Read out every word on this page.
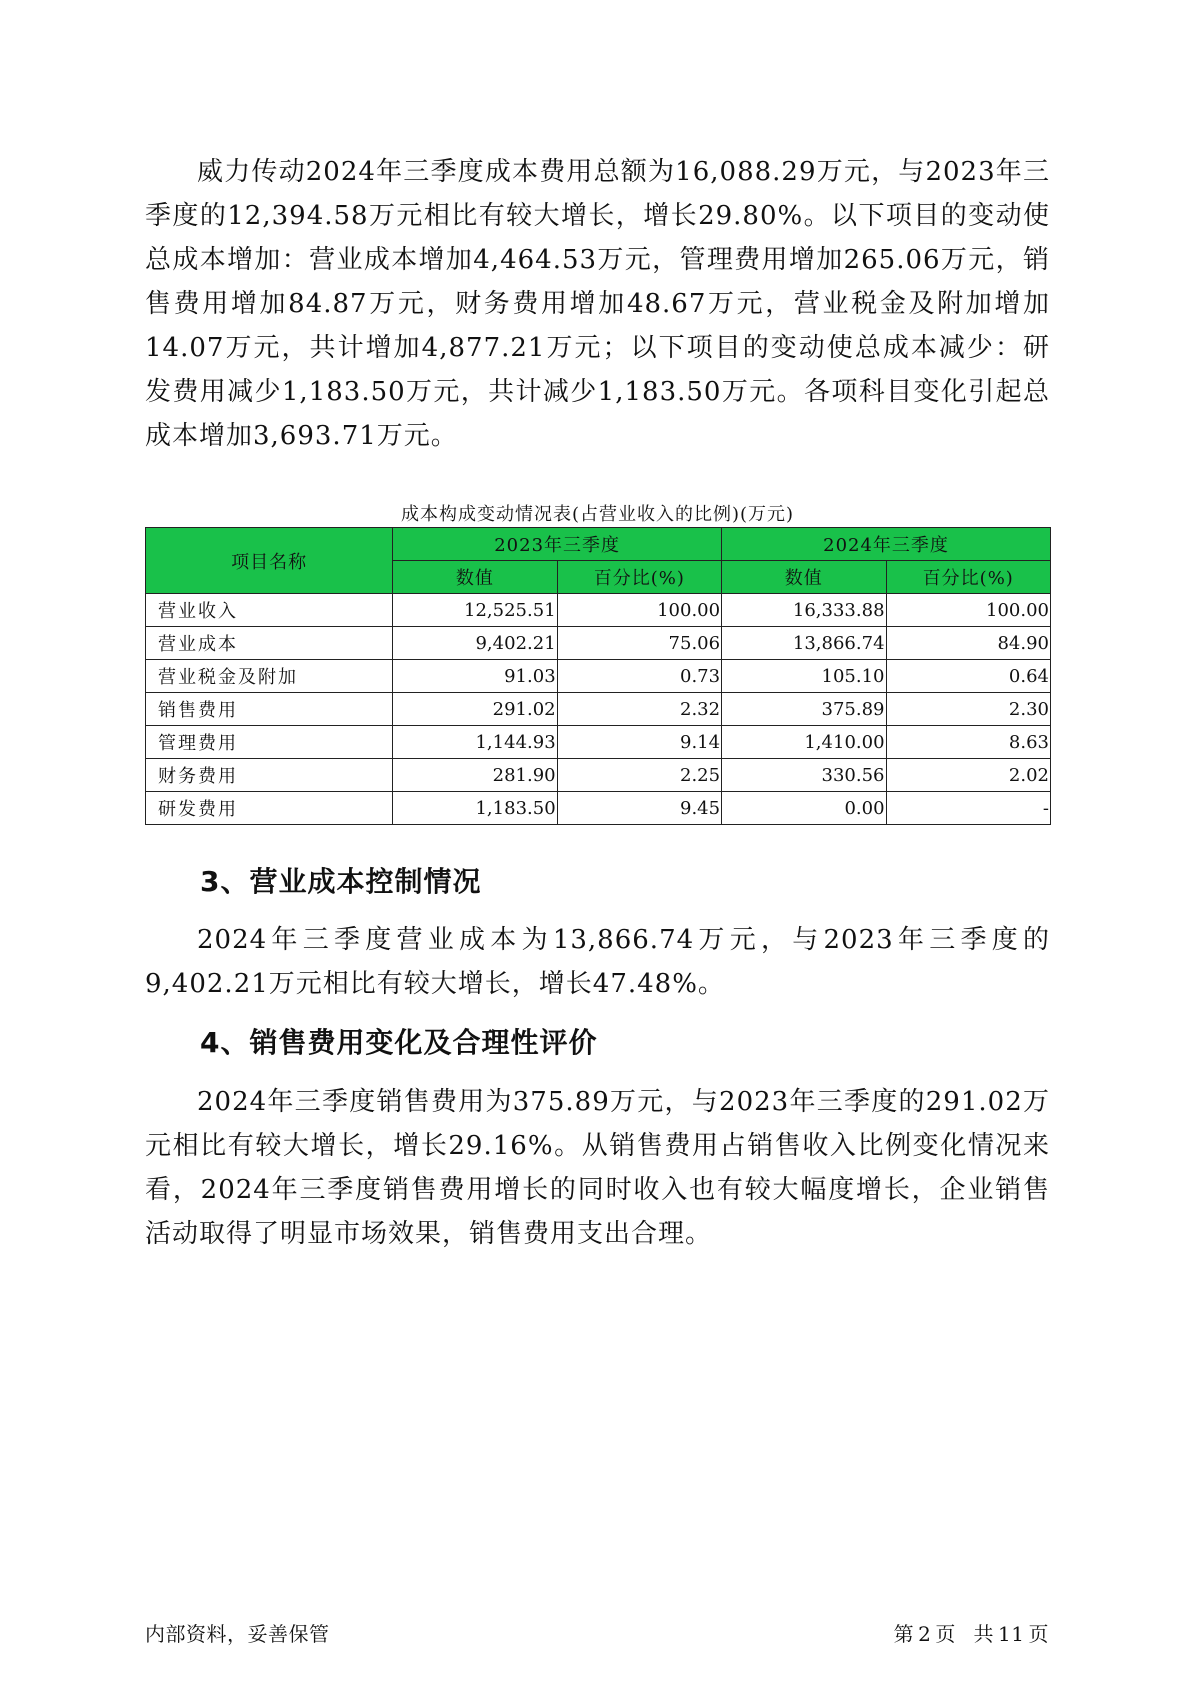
威力传动2024年三季度成本费用总额为16,088.29万元，与2023年三季度的12,394.58万元相比有较大增长，增长29.80%。以下项目的变动使总成本增加：营业成本增加4,464.53万元，管理费用增加265.06万元，销售费用增加84.87万元，财务费用增加48.67万元，营业税金及附加增加14.07万元，共计增加4,877.21万元；以下项目的变动使总成本减少：研发费用减少1,183.50万元，共计减少1,183.50万元。各项科目变化引起总成本增加3,693.71万元。

成本构成变动情况表(占营业收入的比例)(万元)
项目名称	2023年三季度		2024年三季度	
	数值	百分比(%)	数值	百分比(%)
营业收入	12,525.51	100.00	16,333.88	100.00
营业成本	9,402.21	75.06	13,866.74	84.90
营业税金及附加	91.03	0.73	105.10	0.64
销售费用	291.02	2.32	375.89	2.30
管理费用	1,144.93	9.14	1,410.00	8.63
财务费用	281.90	2.25	330.56	2.02
研发费用	1,183.50	9.45	0.00	-
3、营业成本控制情况

2024年三季度营业成本为13,866.74万元，与2023年三季度的9,402.21万元相比有较大增长，增长47.48%。

4、销售费用变化及合理性评价

2024年三季度销售费用为375.89万元，与2023年三季度的291.02万元相比有较大增长，增长29.16%。从销售费用占销售收入比例变化情况来看，2024年三季度销售费用增长的同时收入也有较大幅度增长，企业销售活动取得了明显市场效果，销售费用支出合理。

内部资料，妥善保管	第 2 页 共 11 页
